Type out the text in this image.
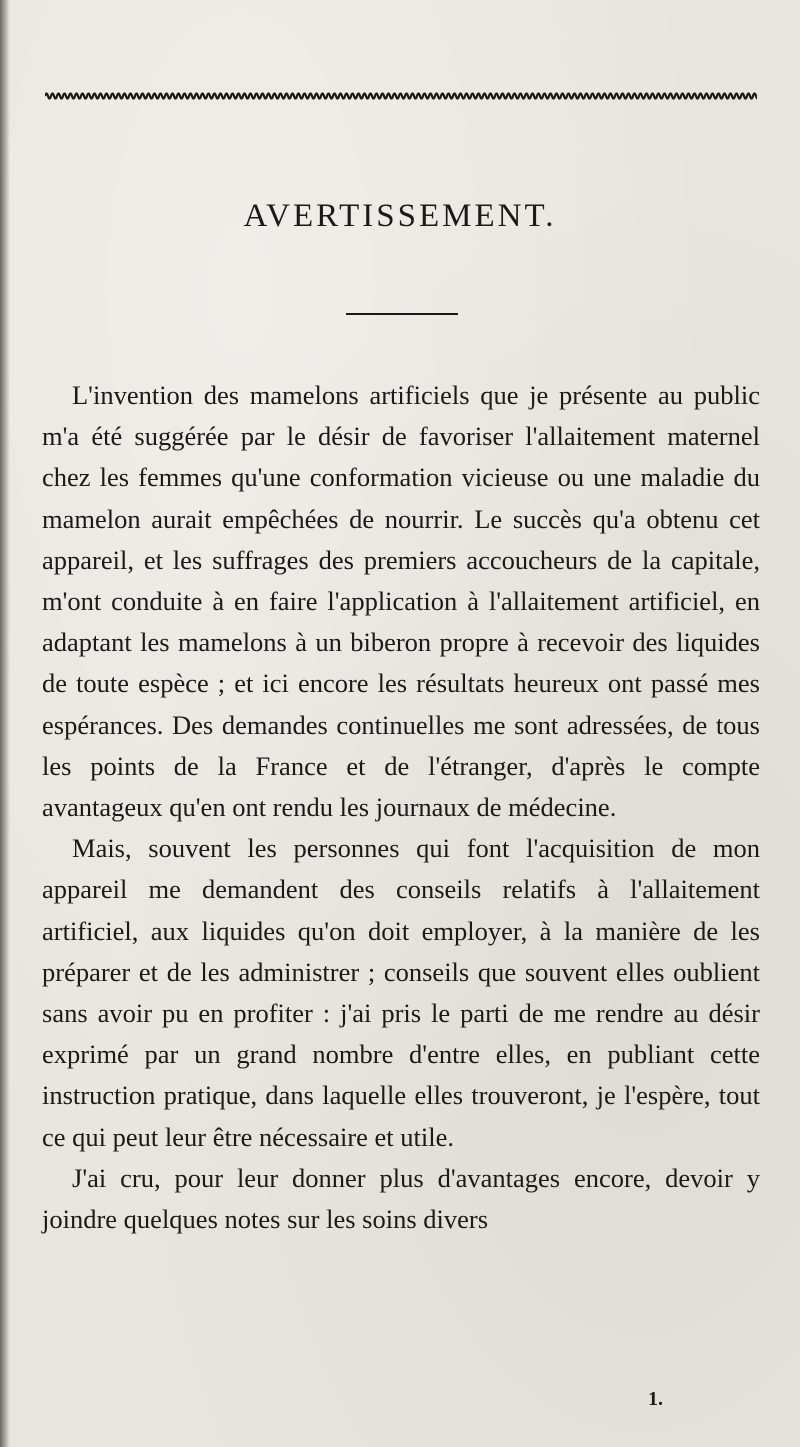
AVERTISSEMENT.

L'invention des mamelons artificiels que je présente au public m'a été suggérée par le désir de favoriser l'allaitement maternel chez les femmes qu'une conformation vicieuse ou une maladie du mamelon aurait empêchées de nourrir. Le succès qu'a obtenu cet appareil, et les suffrages des premiers accoucheurs de la capitale, m'ont conduite à en faire l'application à l'allaitement artificiel, en adaptant les mamelons à un biberon propre à recevoir des liquides de toute espèce ; et ici encore les résultats heureux ont passé mes espérances. Des demandes continuelles me sont adressées, de tous les points de la France et de l'étranger, d'après le compte avantageux qu'en ont rendu les journaux de médecine.

Mais, souvent les personnes qui font l'acquisition de mon appareil me demandent des conseils relatifs à l'allaitement artificiel, aux liquides qu'on doit employer, à la manière de les préparer et de les administrer ; conseils que souvent elles oublient sans avoir pu en profiter : j'ai pris le parti de me rendre au désir exprimé par un grand nombre d'entre elles, en publiant cette instruction pratique, dans laquelle elles trouveront, je l'espère, tout ce qui peut leur être nécessaire et utile.

J'ai cru, pour leur donner plus d'avantages encore, devoir y joindre quelques notes sur les soins divers

1.
